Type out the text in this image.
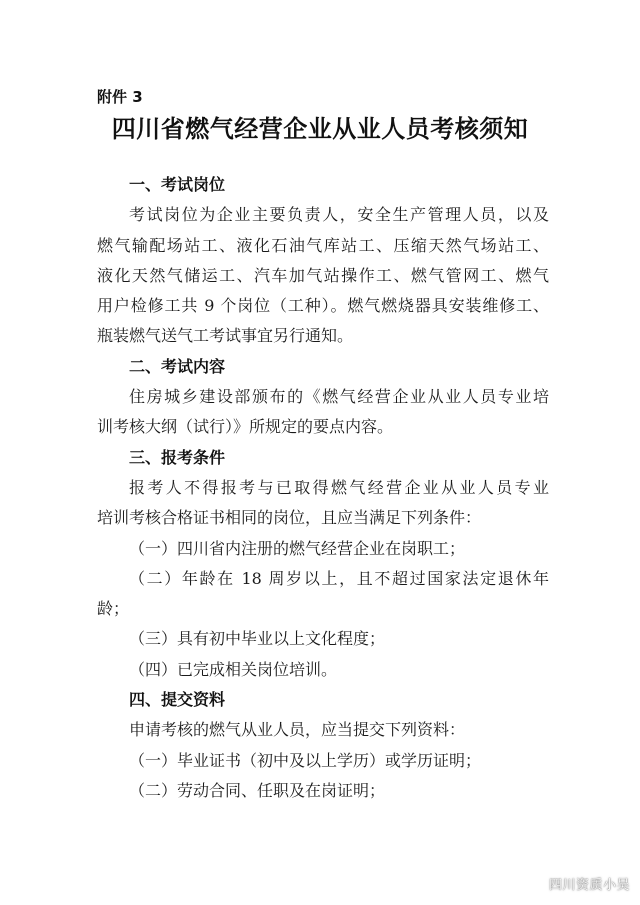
附件 3
四川省燃气经营企业从业人员考核须知
一、考试岗位
考试岗位为企业主要负责人，安全生产管理人员，以及
燃气输配场站工、液化石油气库站工、压缩天然气场站工、
液化天然气储运工、汽车加气站操作工、燃气管网工、燃气
用户检修工共 9 个岗位（工种）。燃气燃烧器具安装维修工、
瓶装燃气送气工考试事宜另行通知。
二、考试内容
住房城乡建设部颁布的《燃气经营企业从业人员专业培
训考核大纲（试行）》所规定的要点内容。
三、报考条件
报考人不得报考与已取得燃气经营企业从业人员专业
培训考核合格证书相同的岗位，且应当满足下列条件：
（一）四川省内注册的燃气经营企业在岗职工；
（二）年龄在 18 周岁以上，且不超过国家法定退休年
龄；
（三）具有初中毕业以上文化程度；
（四）已完成相关岗位培训。
四、提交资料
申请考核的燃气从业人员，应当提交下列资料：
（一）毕业证书（初中及以上学历）或学历证明；
（二）劳动合同、任职及在岗证明；
四川资质小吴
